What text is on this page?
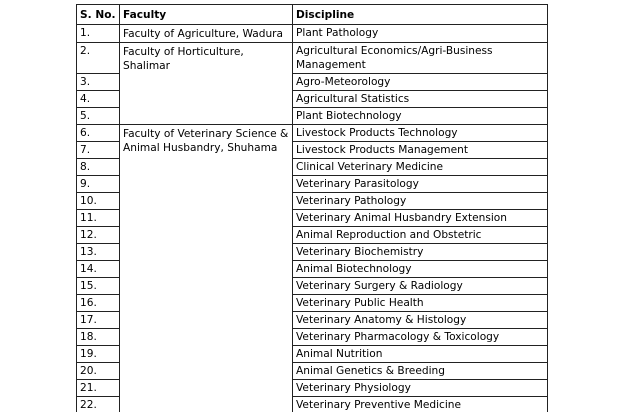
S. No.	Faculty	Discipline
1.	Faculty of Agriculture, Wadura	Plant Pathology
2.	Faculty of Horticulture, Shalimar	Agricultural Economics/Agri-Business Management
3.		Agro-Meteorology
4.		Agricultural Statistics
5.		Plant Biotechnology
6.	Faculty of Veterinary Science & Animal Husbandry, Shuhama	Livestock Products Technology
7.		Livestock Products Management
8.		Clinical Veterinary Medicine
9.		Veterinary Parasitology
10.		Veterinary Pathology
11.		Veterinary Animal Husbandry Extension
12.		Animal Reproduction and Obstetric
13.		Veterinary Biochemistry
14.		Animal Biotechnology
15.		Veterinary Surgery & Radiology
16.		Veterinary Public Health
17.		Veterinary Anatomy & Histology
18.		Veterinary Pharmacology & Toxicology
19.		Animal Nutrition
20.		Animal Genetics & Breeding
21.		Veterinary Physiology
22.		Veterinary Preventive Medicine
